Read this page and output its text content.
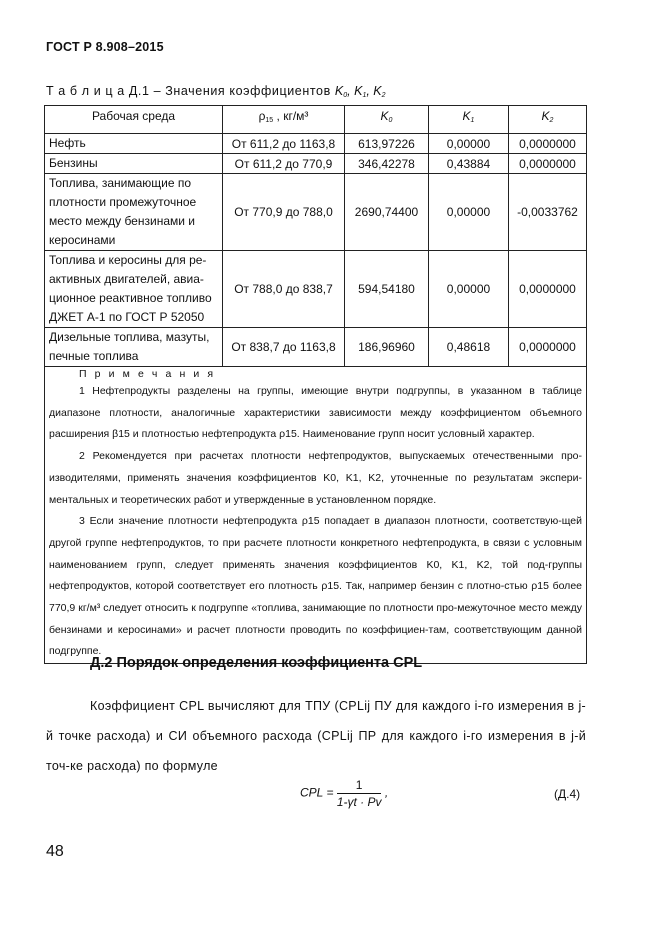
ГОСТ Р 8.908–2015
Т а б л и ц а Д.1 – Значения коэффициентов $K_0$, $K_1$, $K_2$
Рабочая среда	$\rho_{15}$ , кг/м³	$K_0$	$K_1$	$K_2$
Нефть	От 611,2 до 1163,8	613,97226	0,00000	0,0000000
Бензины	От 611,2 до 770,9	346,42278	0,43884	0,0000000
Топлива, занимающие по плотности промежуточное место между бензинами и керосинами	От 770,9 до 788,0	2690,74400	0,00000	-0,0033762
Топлива и керосины для ре-активных двигателей, авиа-ционное реактивное топливо ДЖЕТ А-1 по ГОСТ Р 52050	От 788,0 до 838,7	594,54180	0,00000	0,0000000
Дизельные топлива, мазуты, печные топлива	От 838,7 до 1163,8	186,96960	0,48618	0,0000000

П р и м е ч а н и я

1 Нефтепродукты разделены на группы, имеющие внутри подгруппы, в указанном в таблице диапазоне плотности, аналогичные характеристики зависимости между коэффициентом объемного расширения β15 и плотностью нефтепродукта ρ15. Наименование групп носит условный характер.

2 Рекомендуется при расчетах плотности нефтепродуктов, выпускаемых отечественными про-изводителями, применять значения коэффициентов K0, K1, K2, уточненные по результатам экспери-ментальных и теоретических работ и утвержденные в установленном порядке.

3 Если значение плотности нефтепродукта ρ15 попадает в диапазон плотности, соответствую-щей другой группе нефтепродуктов, то при расчете плотности конкретного нефтепродукта, в связи с условным наименованием групп, следует применять значения коэффициентов K0, K1, K2, той под-группы нефтепродуктов, которой соответствует его плотность ρ15. Так, например бензин с плотно-стью ρ15 более 770,9 кг/м³ следует относить к подгруппе «топлива, занимающие по плотности про-межуточное место между бензинами и керосинами» и расчет плотности проводить по коэффициен-там, соответствующим данной подгруппе.				

Д.2 Порядок определения коэффициента CPL

Коэффициент CPL вычисляют для ТПУ (CPLij ПУ для каждого i-го измерения в j-й точке расхода) и СИ объемного расхода (CPLij ПР для каждого i-го измерения в j-й точ-ке расхода) по формуле

CPL = $\frac{1}{1-\gamma t \cdot Pv}$ ,	(Д.4)
48
